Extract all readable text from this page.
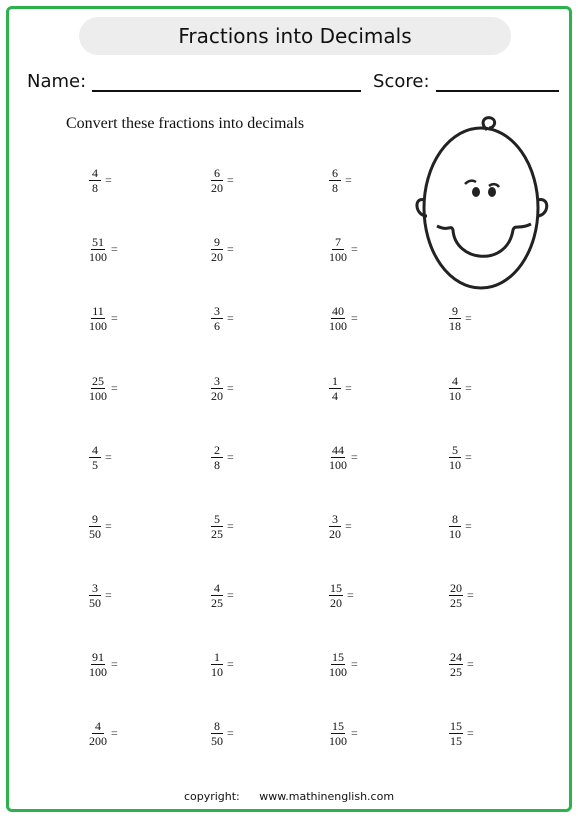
Fractions into Decimals
Name:	Score:
Convert these fractions into decimals
$\frac{4}{8}$ =	$\frac{6}{20}$ =	$\frac{6}{8}$ =
$\frac{51}{100}$ =	$\frac{9}{20}$ =	$\frac{7}{100}$ =
$\frac{11}{100}$ =	$\frac{3}{6}$ =	$\frac{40}{100}$ =	$\frac{9}{18}$ =
$\frac{25}{100}$ =	$\frac{3}{20}$ =	$\frac{1}{4}$ =	$\frac{4}{10}$ =
$\frac{4}{5}$ =	$\frac{2}{8}$ =	$\frac{44}{100}$ =	$\frac{5}{10}$ =
$\frac{9}{50}$ =	$\frac{5}{25}$ =	$\frac{3}{20}$ =	$\frac{8}{10}$ =
$\frac{3}{50}$ =	$\frac{4}{25}$ =	$\frac{15}{20}$ =	$\frac{20}{25}$ =
$\frac{91}{100}$ =	$\frac{1}{10}$ =	$\frac{15}{100}$ =	$\frac{24}{25}$ =
$\frac{4}{200}$ =	$\frac{8}{50}$ =	$\frac{15}{100}$ =	$\frac{15}{15}$ =
copyright: www.mathinenglish.com
